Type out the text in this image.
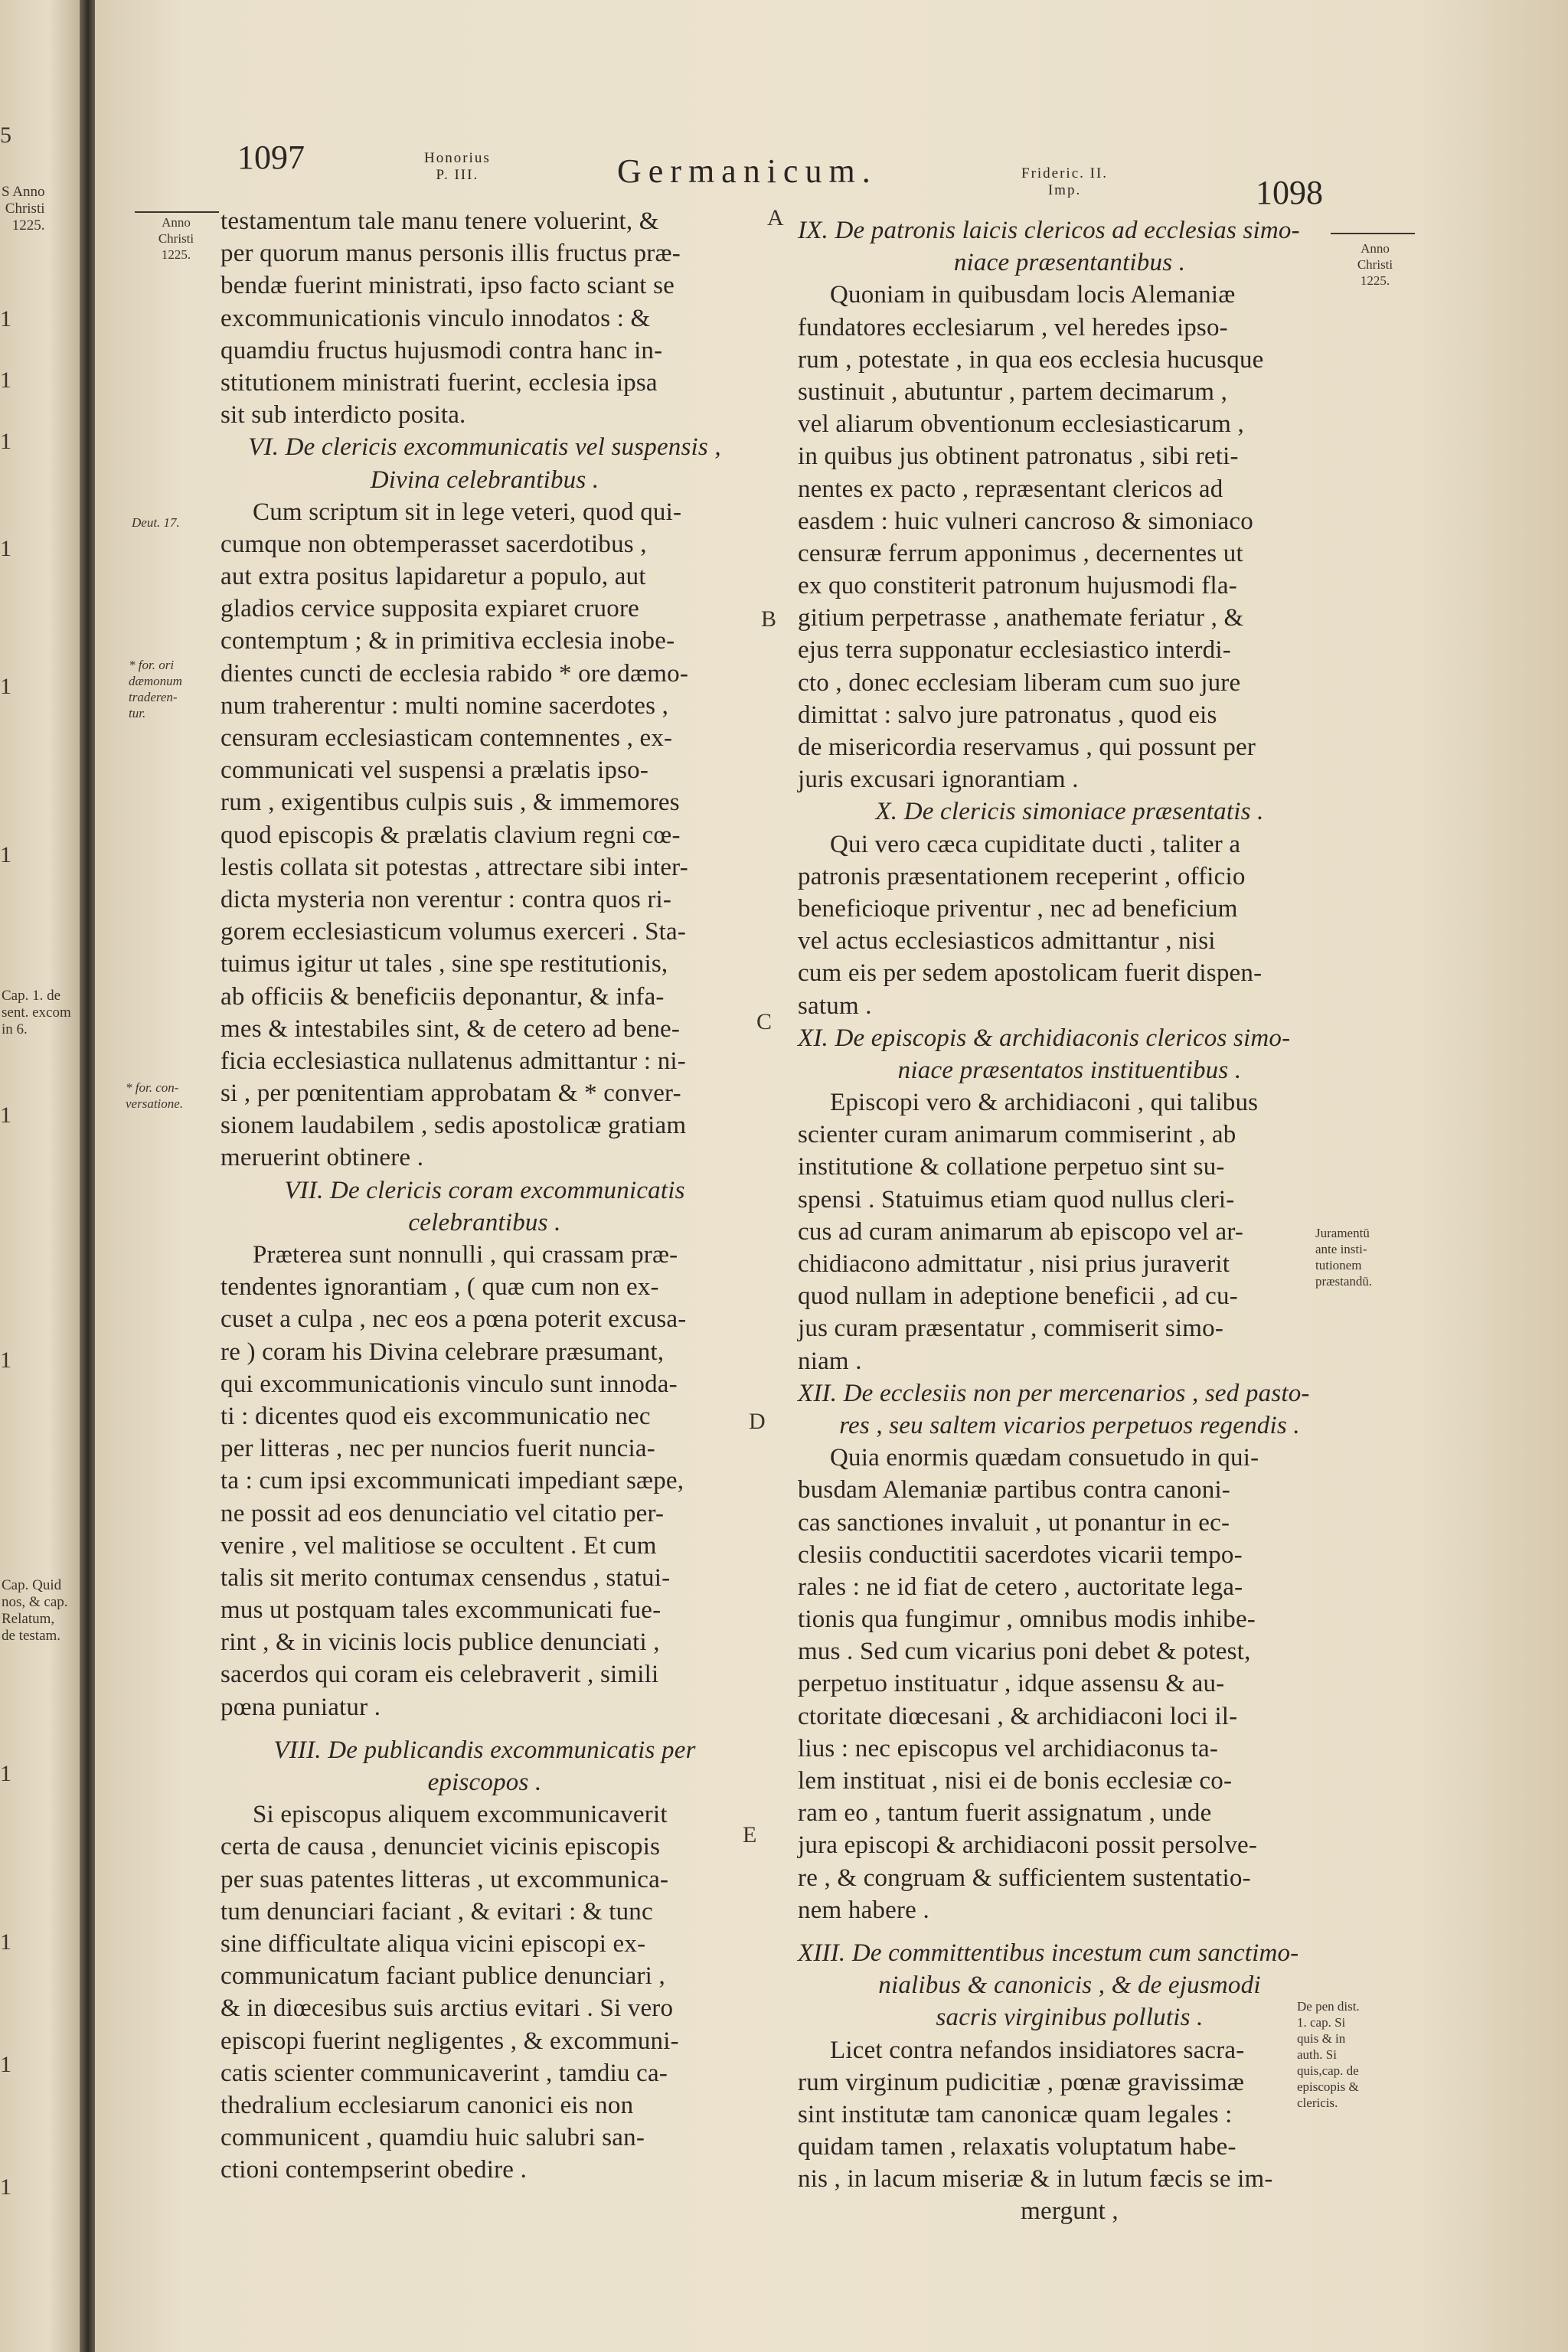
S Anno
Christi
1225.
5
1
1
1
1
1
1
1
1
1
1
1
1
Cap. 1. de
sent. excom
in 6.
Cap. Quid
nos, & cap.
Relatum,
de testam.
1097	Honorius
P. III.	Germanicum.	Frideric. II.
Imp.	1098
Anno
Christi
1225.
Deut. 17.
* for. ori
dæmonum
traderen-
tur.
* for. con-
versatione.
A
B
C
D
E
testamentum tale manu tenere voluerint, &
per quorum manus personis illis fructus præ-
bendæ fuerint ministrati, ipso facto sciant se
excommunicationis vinculo innodatos : &
quamdiu fructus hujusmodi contra hanc in-
stitutionem ministrati fuerint, ecclesia ipsa
sit sub interdicto posita.
VI. De clericis excommunicatis vel suspensis ,
Divina celebrantibus .
Cum scriptum sit in lege veteri, quod qui-
cumque non obtemperasset sacerdotibus ,
aut extra positus lapidaretur a populo, aut
gladios cervice supposita expiaret cruore
contemptum ; & in primitiva ecclesia inobe-
dientes cuncti de ecclesia rabido * ore dæmo-
num traherentur : multi nomine sacerdotes ,
censuram ecclesiasticam contemnentes , ex-
communicati vel suspensi a prælatis ipso-
rum , exigentibus culpis suis , & immemores
quod episcopis & prælatis clavium regni cœ-
lestis collata sit potestas , attrectare sibi inter-
dicta mysteria non verentur : contra quos ri-
gorem ecclesiasticum volumus exerceri . Sta-
tuimus igitur ut tales , sine spe restitutionis,
ab officiis & beneficiis deponantur, & infa-
mes & intestabiles sint, & de cetero ad bene-
ficia ecclesiastica nullatenus admittantur : ni-
si , per pœnitentiam approbatam & * conver-
sionem laudabilem , sedis apostolicæ gratiam
meruerint obtinere .
VII. De clericis coram excommunicatis
celebrantibus .
Præterea sunt nonnulli , qui crassam præ-
tendentes ignorantiam , ( quæ cum non ex-
cuset a culpa , nec eos a pœna poterit excusa-
re ) coram his Divina celebrare præsumant,
qui excommunicationis vinculo sunt innoda-
ti : dicentes quod eis excommunicatio nec
per litteras , nec per nuncios fuerit nuncia-
ta : cum ipsi excommunicati impediant sæpe,
ne possit ad eos denunciatio vel citatio per-
venire , vel malitiose se occultent . Et cum
talis sit merito contumax censendus , statui-
mus ut postquam tales excommunicati fue-
rint , & in vicinis locis publice denunciati ,
sacerdos qui coram eis celebraverit , simili
pœna puniatur .
VIII. De publicandis excommunicatis per
episcopos .
Si episcopus aliquem excommunicaverit
certa de causa , denunciet vicinis episcopis
per suas patentes litteras , ut excommunica-
tum denunciari faciant , & evitari : & tunc
sine difficultate aliqua vicini episcopi ex-
communicatum faciant publice denunciari ,
& in diœcesibus suis arctius evitari . Si vero
episcopi fuerint negligentes , & excommuni-
catis scienter communicaverint , tamdiu ca-
thedralium ecclesiarum canonici eis non
communicent , quamdiu huic salubri san-
ctioni contempserint obedire .
IX. De patronis laicis clericos ad ecclesias simo-
niace præsentantibus .
Quoniam in quibusdam locis Alemaniæ
fundatores ecclesiarum , vel heredes ipso-
rum , potestate , in qua eos ecclesia hucusque
sustinuit , abutuntur , partem decimarum ,
vel aliarum obventionum ecclesiasticarum ,
in quibus jus obtinent patronatus , sibi reti-
nentes ex pacto , repræsentant clericos ad
easdem : huic vulneri cancroso & simoniaco
censuræ ferrum apponimus , decernentes ut
ex quo constiterit patronum hujusmodi fla-
gitium perpetrasse , anathemate feriatur , &
ejus terra supponatur ecclesiastico interdi-
cto , donec ecclesiam liberam cum suo jure
dimittat : salvo jure patronatus , quod eis
de misericordia reservamus , qui possunt per
juris excusari ignorantiam .
X. De clericis simoniace præsentatis .
Qui vero cæca cupiditate ducti , taliter a
patronis præsentationem receperint , officio
beneficioque priventur , nec ad beneficium
vel actus ecclesiasticos admittantur , nisi
cum eis per sedem apostolicam fuerit dispen-
satum .
XI. De episcopis & archidiaconis clericos simo-
niace præsentatos instituentibus .
Episcopi vero & archidiaconi , qui talibus
scienter curam animarum commiserint , ab
institutione & collatione perpetuo sint su-
spensi . Statuimus etiam quod nullus cleri-
cus ad curam animarum ab episcopo vel ar-
chidiacono admittatur , nisi prius juraverit
quod nullam in adeptione beneficii , ad cu-
jus curam præsentatur , commiserit simo-
niam .
XII. De ecclesiis non per mercenarios , sed pasto-
res , seu saltem vicarios perpetuos regendis .
Quia enormis quædam consuetudo in qui-
busdam Alemaniæ partibus contra canoni-
cas sanctiones invaluit , ut ponantur in ec-
clesiis conductitii sacerdotes vicarii tempo-
rales : ne id fiat de cetero , auctoritate lega-
tionis qua fungimur , omnibus modis inhibe-
mus . Sed cum vicarius poni debet & potest,
perpetuo instituatur , idque assensu & au-
ctoritate diœcesani , & archidiaconi loci il-
lius : nec episcopus vel archidiaconus ta-
lem instituat , nisi ei de bonis ecclesiæ co-
ram eo , tantum fuerit assignatum , unde
jura episcopi & archidiaconi possit persolve-
re , & congruam & sufficientem sustentatio-
nem habere .
XIII. De committentibus incestum cum sanctimo-
nialibus & canonicis , & de ejusmodi
sacris virginibus pollutis .
Licet contra nefandos insidiatores sacra-
rum virginum pudicitiæ , pœnæ gravissimæ
sint institutæ tam canonicæ quam legales :
quidam tamen , relaxatis voluptatum habe-
nis , in lacum miseriæ & in lutum fæcis se im-
mergunt ,
Anno
Christi
1225.
Juramentū
ante insti-
tutionem
præstandū.
De pen dist.
1. cap. Si
quis & in
auth. Si
quis,cap. de
episcopis &
clericis.
